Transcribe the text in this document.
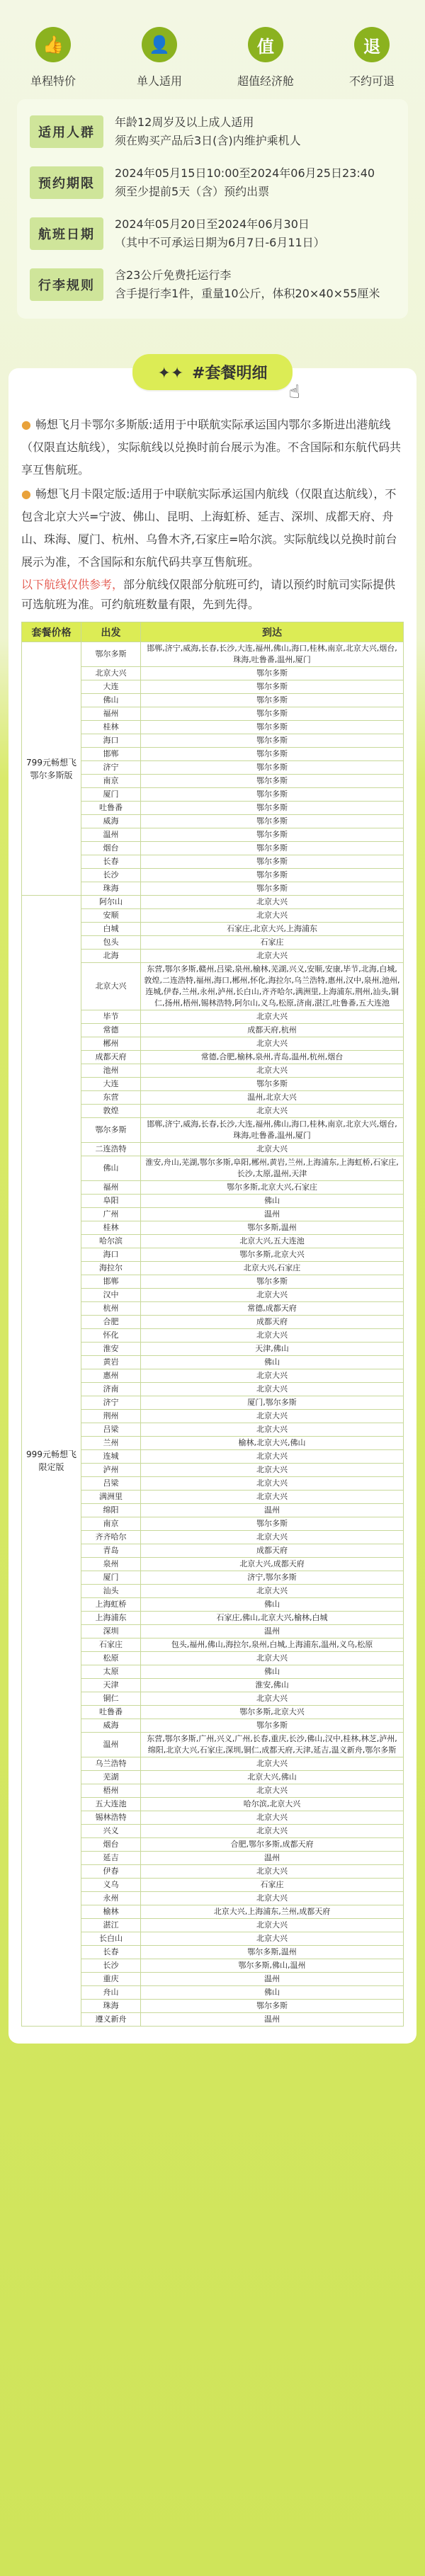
👍
单程特价
👤
单人适用
值
超值经济舱
退
不约可退
适用人群
年龄12周岁及以上成人适用
须在购买产品后3日(含)内维护乘机人
预约期限
2024年05月15日10:00至2024年06月25日23:40
须至少提前5天（含）预约出票
航班日期
2024年05月20日至2024年06月30日
（其中不可承运日期为6月7日-6月11日）
行李规则
含23公斤免费托运行李
含手提行李1件，重量10公斤，体积20×40×55厘米
✦✦ #套餐明细
☝

● 畅想飞月卡鄂尔多斯版:适用于中联航实际承运国内鄂尔多斯进出港航线（仅限直达航线），实际航线以兑换时前台展示为准。不含国际和东航代码共享互售航班。

● 畅想飞月卡限定版:适用于中联航实际承运国内航线（仅限直达航线），不包含北京大兴=宁波、佛山、昆明、上海虹桥、延吉、深圳、成都天府、舟山、珠海、厦门、杭州、乌鲁木齐,石家庄=哈尔滨。实际航线以兑换时前台展示为准，不含国际和东航代码共享互售航班。

以下航线仅供参考，部分航线仅限部分航班可约，请以预约时航司实际提供可选航班为准。可约航班数量有限，先到先得。

套餐价格	出发	到达
799元畅想飞鄂尔多斯版	鄂尔多斯	邯郸,济宁,威海,长春,长沙,大连,福州,佛山,海口,桂林,南京,北京大兴,烟台,珠海,吐鲁番,温州,厦门
	北京大兴	鄂尔多斯
	大连	鄂尔多斯
	佛山	鄂尔多斯
	福州	鄂尔多斯
	桂林	鄂尔多斯
	海口	鄂尔多斯
	邯郸	鄂尔多斯
	济宁	鄂尔多斯
	南京	鄂尔多斯
	厦门	鄂尔多斯
	吐鲁番	鄂尔多斯
	威海	鄂尔多斯
	温州	鄂尔多斯
	烟台	鄂尔多斯
	长春	鄂尔多斯
	长沙	鄂尔多斯
	珠海	鄂尔多斯
999元畅想飞限定版	阿尔山	北京大兴
	安顺	北京大兴
	白城	石家庄,北京大兴,上海浦东
	包头	石家庄
	北海	北京大兴
	北京大兴	东营,鄂尔多斯,赣州,吕梁,泉州,榆林,芜湖,兴义,安顺,安康,毕节,北海,白城,敦煌,二连浩特,福州,海口,郴州,怀化,海拉尔,乌兰浩特,惠州,汉中,泉州,池州,连城,伊春,兰州,永州,泸州,长白山,齐齐哈尔,满洲里,上海浦东,荆州,汕头,铜仁,扬州,梧州,锡林浩特,阿尔山,义乌,松原,济南,湛江,吐鲁番,五大连池
	毕节	北京大兴
	常德	成都天府,杭州
	郴州	北京大兴
	成都天府	常德,合肥,榆林,泉州,青岛,温州,杭州,烟台
	池州	北京大兴
	大连	鄂尔多斯
	东营	温州,北京大兴
	敦煌	北京大兴
	鄂尔多斯	邯郸,济宁,威海,长春,长沙,大连,福州,佛山,海口,桂林,南京,北京大兴,烟台,珠海,吐鲁番,温州,厦门
	二连浩特	北京大兴
	佛山	淮安,舟山,芜湖,鄂尔多斯,阜阳,郴州,黄岩,兰州,上海浦东,上海虹桥,石家庄,长沙,太原,温州,天津
	福州	鄂尔多斯,北京大兴,石家庄
	阜阳	佛山
	广州	温州
	桂林	鄂尔多斯,温州
	哈尔滨	北京大兴,五大连池
	海口	鄂尔多斯,北京大兴
	海拉尔	北京大兴,石家庄
	邯郸	鄂尔多斯
	汉中	北京大兴
	杭州	常德,成都天府
	合肥	成都天府
	怀化	北京大兴
	淮安	天津,佛山
	黄岩	佛山
	惠州	北京大兴
	济南	北京大兴
	济宁	厦门,鄂尔多斯
	荆州	北京大兴
	吕梁	北京大兴
	兰州	榆林,北京大兴,佛山
	连城	北京大兴
	泸州	北京大兴
	吕梁	北京大兴
	满洲里	北京大兴
	绵阳	温州
	南京	鄂尔多斯
	齐齐哈尔	北京大兴
	青岛	成都天府
	泉州	北京大兴,成都天府
	厦门	济宁,鄂尔多斯
	汕头	北京大兴
	上海虹桥	佛山
	上海浦东	石家庄,佛山,北京大兴,榆林,白城
	深圳	温州
	石家庄	包头,福州,佛山,海拉尔,泉州,白城,上海浦东,温州,义乌,松原
	松原	北京大兴
	太原	佛山
	天津	淮安,佛山
	铜仁	北京大兴
	吐鲁番	鄂尔多斯,北京大兴
	威海	鄂尔多斯
	温州	东营,鄂尔多斯,广州,兴义,广州,长春,重庆,长沙,佛山,汉中,桂林,林芝,泸州,绵阳,北京大兴,石家庄,深圳,铜仁,成都天府,天津,延吉,温义新舟,鄂尔多斯
	乌兰浩特	北京大兴
	芜湖	北京大兴,佛山
	梧州	北京大兴
	五大连池	哈尔滨,北京大兴
	锡林浩特	北京大兴
	兴义	北京大兴
	烟台	合肥,鄂尔多斯,成都天府
	延吉	温州
	伊春	北京大兴
	义乌	石家庄
	永州	北京大兴
	榆林	北京大兴,上海浦东,兰州,成都天府
	湛江	北京大兴
	长白山	北京大兴
	长春	鄂尔多斯,温州
	长沙	鄂尔多斯,佛山,温州
	重庆	温州
	舟山	佛山
	珠海	鄂尔多斯
	遵义新舟	温州
